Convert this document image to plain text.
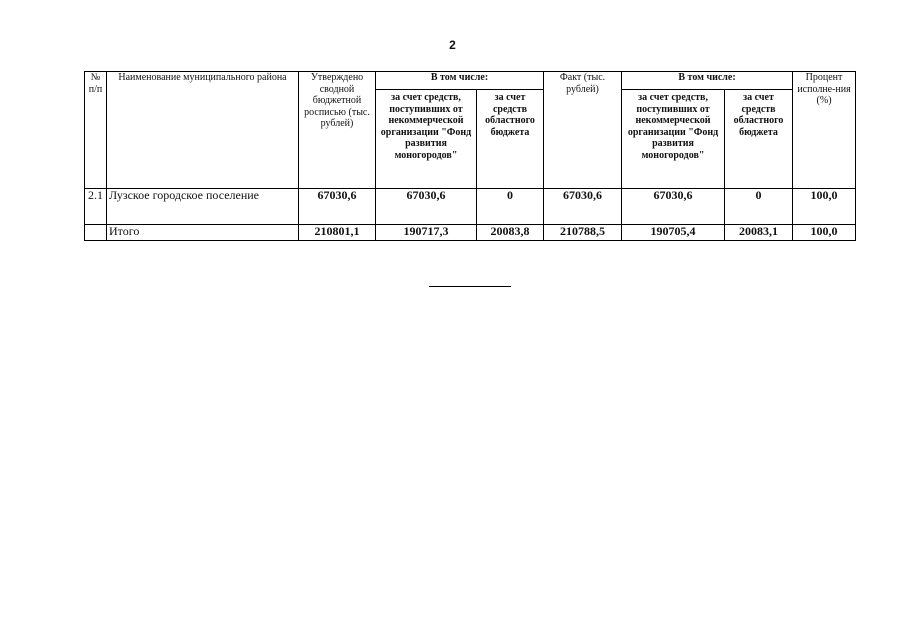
2
№ п/п	Наименование муниципального района	Утверждено сводной бюджетной росписью (тыс. рублей)	В том числе:		Факт (тыс. рублей)	В том числе:		Процент исполне-ния (%)
			за счет средств, поступивших от некоммерческой организации "Фонд развития моногородов"	за счет средств областного бюджета		за счет средств, поступивших от некоммерческой организации "Фонд развития моногородов"	за счет средств областного бюджета	
2.1	Лузское городское поселение	67030,6	67030,6	0	67030,6	67030,6	0	100,0
	Итого	210801,1	190717,3	20083,8	210788,5	190705,4	20083,1	100,0
